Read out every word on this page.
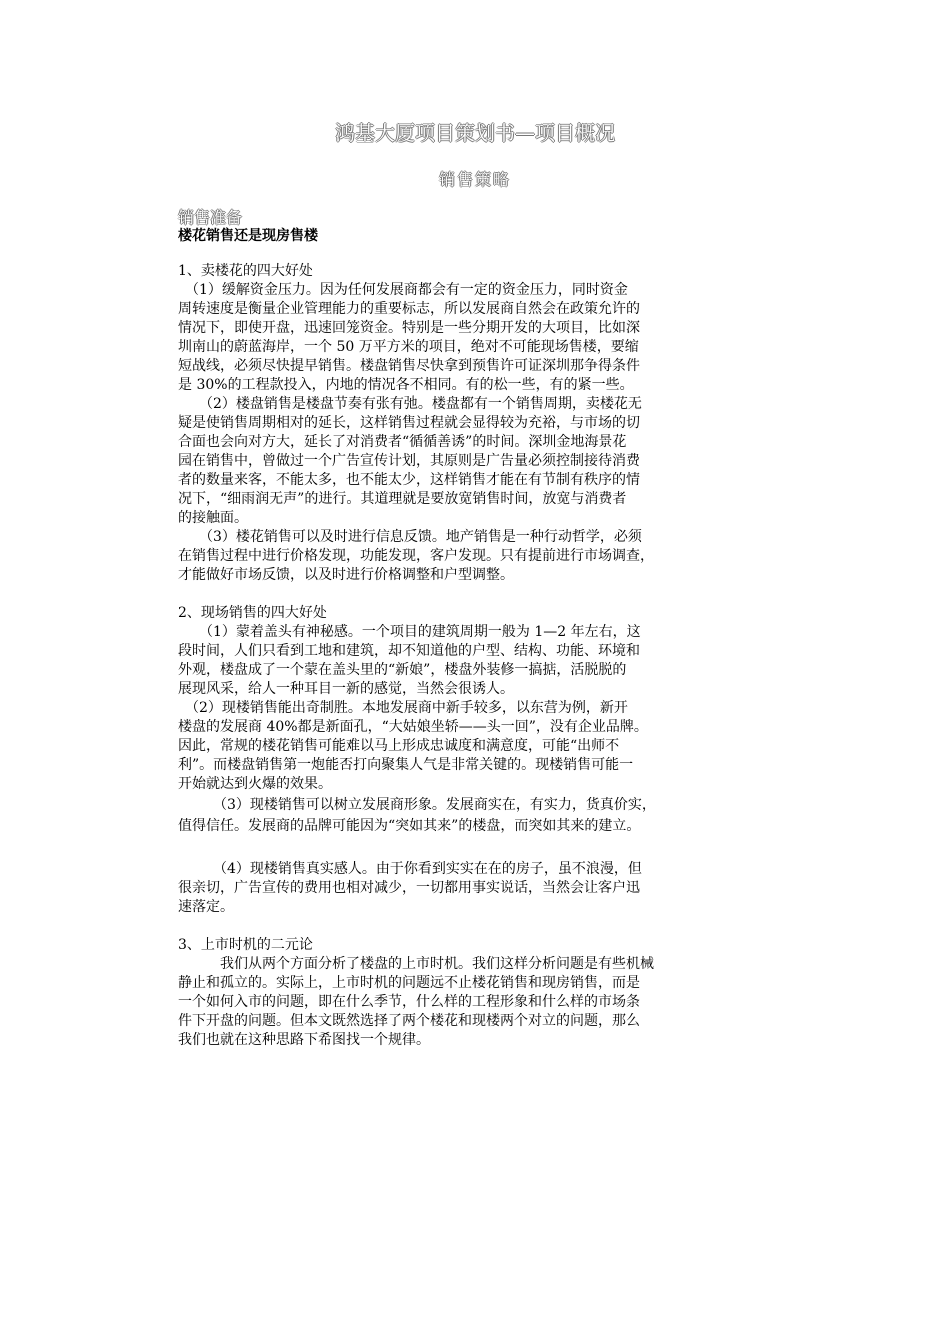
鸿基大厦项目策划书—项目概况
销售策略
销售准备
楼花销售还是现房售楼
1、卖楼花的四大好处
　（1）缓解资金压力。因为任何发展商都会有一定的资金压力，同时资金
周转速度是衡量企业管理能力的重要标志，所以发展商自然会在政策允许的
情况下，即使开盘，迅速回笼资金。特别是一些分期开发的大项目，比如深
圳南山的蔚蓝海岸，一个 50 万平方米的项目，绝对不可能现场售楼，要缩
短战线，必须尽快提早销售。楼盘销售尽快拿到预售许可证深圳那争得条件
是 30%的工程款投入，内地的情况各不相同。有的松一些，有的紧一些。
　　（2）楼盘销售是楼盘节奏有张有弛。楼盘都有一个销售周期，卖楼花无
疑是使销售周期相对的延长，这样销售过程就会显得较为充裕，与市场的切
合面也会向对方大，延长了对消费者“循循善诱”的时间。深圳金地海景花
园在销售中，曾做过一个广告宣传计划，其原则是广告量必须控制接待消费
者的数量来客，不能太多，也不能太少，这样销售才能在有节制有秩序的情
况下，“细雨润无声”的进行。其道理就是要放宽销售时间，放宽与消费者
的接触面。
　　（3）楼花销售可以及时进行信息反馈。地产销售是一种行动哲学，必须
在销售过程中进行价格发现，功能发现，客户发现。只有提前进行市场调查，
才能做好市场反馈，以及时进行价格调整和户型调整。
2、现场销售的四大好处
　　（1）蒙着盖头有神秘感。一个项目的建筑周期一般为 1—2 年左右，这
段时间，人们只看到工地和建筑，却不知道他的户型、结构、功能、环境和
外观，楼盘成了一个蒙在盖头里的“新娘”，楼盘外装修一搞掂，活脱脱的
展现风采，给人一种耳目一新的感觉，当然会很诱人。
　（2）现楼销售能出奇制胜。本地发展商中新手较多，以东营为例，新开
楼盘的发展商 40%都是新面孔，“大姑娘坐轿——头一回”，没有企业品牌。
因此，常规的楼花销售可能难以马上形成忠诚度和满意度，可能“出师不
利”。而楼盘销售第一炮能否打向聚集人气是非常关键的。现楼销售可能一
开始就达到火爆的效果。
　　　（3）现楼销售可以树立发展商形象。发展商实在，有实力，货真价实，
值得信任。发展商的品牌可能因为“突如其来”的楼盘，而突如其来的建立。
　　　（4）现楼销售真实感人。由于你看到实实在在的房子，虽不浪漫，但
很亲切，广告宣传的费用也相对减少，一切都用事实说话，当然会让客户迅
速落定。
3、上市时机的二元论
　　　我们从两个方面分析了楼盘的上市时机。我们这样分析问题是有些机械
静止和孤立的。实际上，上市时机的问题远不止楼花销售和现房销售，而是
一个如何入市的问题，即在什么季节，什么样的工程形象和什么样的市场条
件下开盘的问题。但本文既然选择了两个楼花和现楼两个对立的问题，那么
我们也就在这种思路下希图找一个规律。
